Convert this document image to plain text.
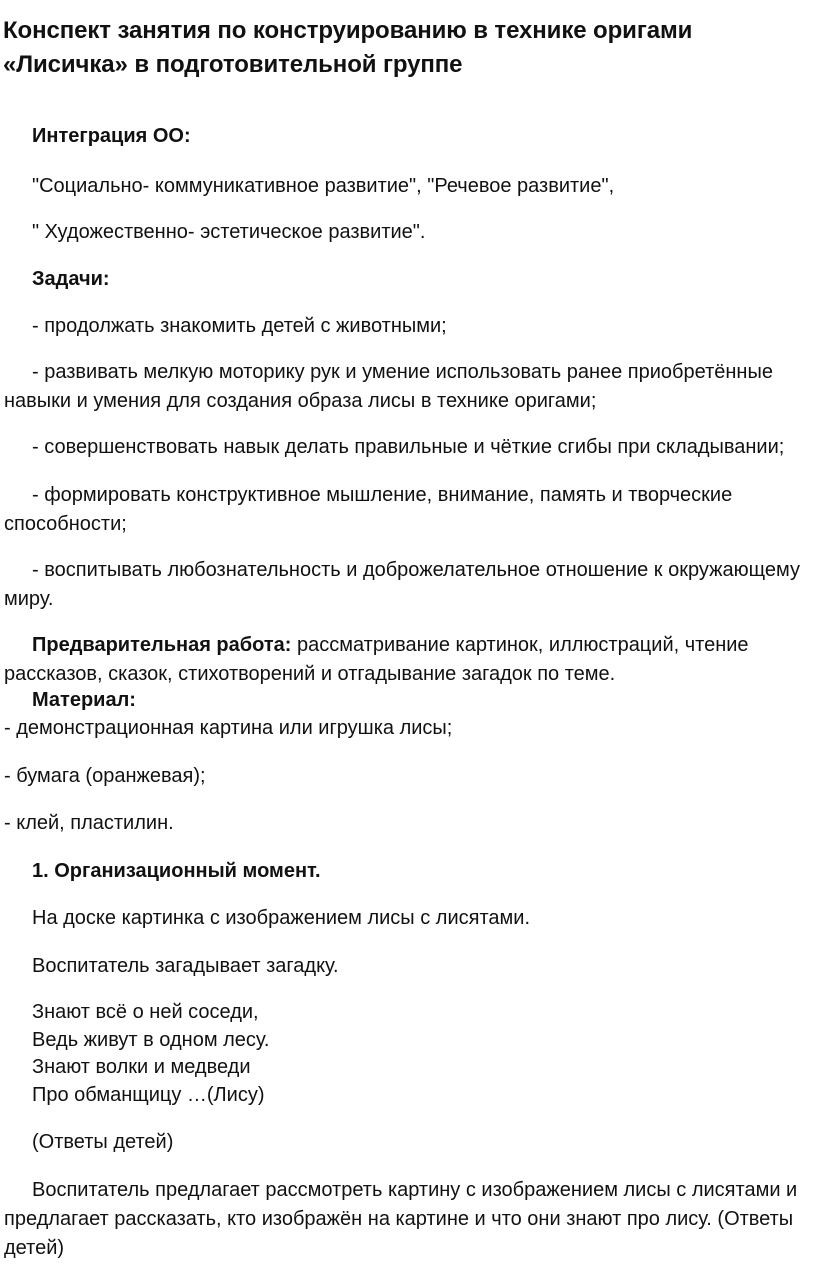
Конспект занятия по конструированию в технике оригами
«Лисичка» в подготовительной группе

Интеграция ОО:

"Социально- коммуникативное развитие", "Речевое развитие",

" Художественно- эстетическое развитие".

Задачи:

- продолжать знакомить детей с животными;

- развивать мелкую моторику рук и умение использовать ранее приобретённые навыки и умения для создания образа лисы в технике оригами;

- совершенствовать навык делать правильные и чёткие сгибы при складывании;

- формировать конструктивное мышление, внимание, память и творческие способности;

- воспитывать любознательность и доброжелательное отношение к окружающему миру.

Предварительная работа: рассматривание картинок, иллюстраций, чтение рассказов, сказок, стихотворений и отгадывание загадок по теме.

Материал:

- демонстрационная картина или игрушка лисы;

- бумага (оранжевая);

- клей, пластилин.

1. Организационный момент.

На доске картинка с изображением лисы с лисятами.

Воспитатель загадывает загадку.

Знают всё о ней соседи,

Ведь живут в одном лесу.

Знают волки и медведи

Про обманщицу …(Лису)

(Ответы детей)

Воспитатель предлагает рассмотреть картину с изображением лисы с лисятами и предлагает рассказать, кто изображён на картине и что они знают про лису. (Ответы детей)
